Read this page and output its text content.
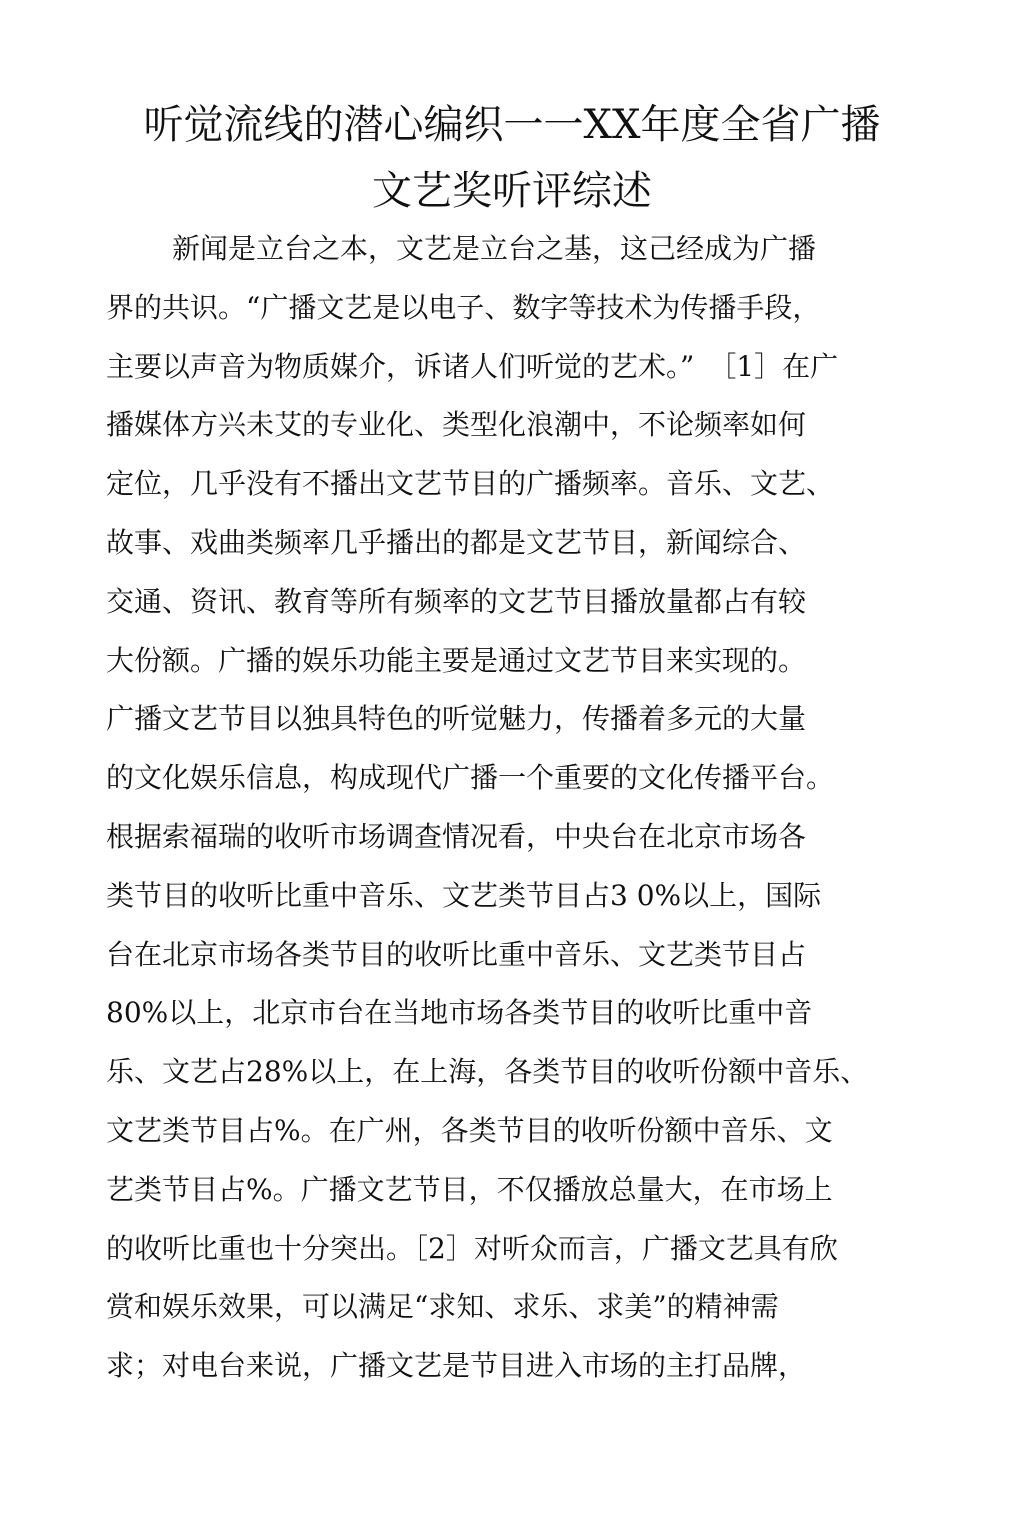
听觉流线的潜心编织一一XX年度全省广播
文艺奖听评综述
新闻是立台之本，文艺是立台之基，这己经成为广播
界的共识。“广播文艺是以电子、数字等技术为传播手段，
主要以声音为物质媒介，诉诸人们听觉的艺术。”　［1］在广
播媒体方兴未艾的专业化、类型化浪潮中，不论频率如何
定位，几乎没有不播出文艺节目的广播频率。音乐、文艺、
故事、戏曲类频率几乎播出的都是文艺节目，新闻综合、
交通、资讯、教育等所有频率的文艺节目播放量都占有较
大份额。广播的娱乐功能主要是通过文艺节目来实现的。
广播文艺节目以独具特色的听觉魅力，传播着多元的大量
的文化娱乐信息，构成现代广播一个重要的文化传播平台。
根据索福瑞的收听市场调查情况看，中央台在北京市场各
类节目的收听比重中音乐、文艺类节目占3 0%以上，国际
台在北京市场各类节目的收听比重中音乐、文艺类节目占
80%以上，北京市台在当地市场各类节目的收听比重中音
乐、文艺占28%以上，在上海，各类节目的收听份额中音乐、
文艺类节目占%。在广州，各类节目的收听份额中音乐、文
艺类节目占%。广播文艺节目，不仅播放总量大，在市场上
的收听比重也十分突出。［2］对听众而言，广播文艺具有欣
赏和娱乐效果，可以满足“求知、求乐、求美”的精神需
求；对电台来说，广播文艺是节目进入市场的主打品牌，
